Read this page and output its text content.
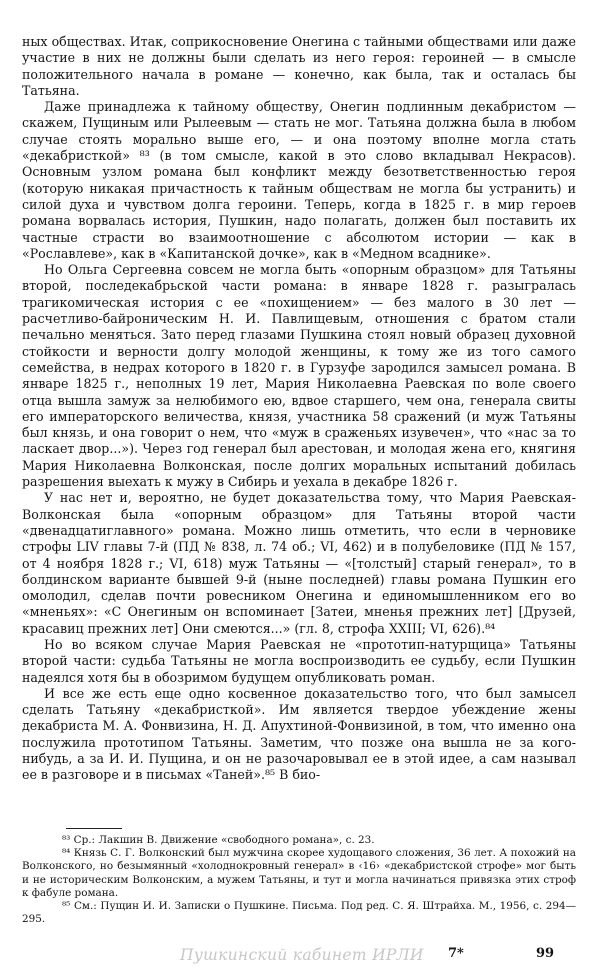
ных обществах. Итак, соприкосновение Онегина с тайными обществами или даже участие в них не должны были сделать из него героя: героиней — в смысле положительного начала в романе — конечно, как была, так и осталась бы Татьяна.

Даже принадлежа к тайному обществу, Онегин подлинным декабристом — скажем, Пущиным или Рылеевым — стать не мог. Татьяна должна была в любом случае стоять морально выше его, — и она поэтому вполне могла стать «декабристкой» ⁸³ (в том смысле, какой в это слово вкладывал Некрасов). Основным узлом романа был конфликт между безответственностью героя (которую никакая причастность к тайным обществам не могла бы устранить) и силой духа и чувством долга героини. Теперь, когда в 1825 г. в мир героев романа ворвалась история, Пушкин, надо полагать, должен был поставить их частные страсти во взаимоотношение с абсолютом истории — как в «Рославлеве», как в «Капитанской дочке», как в «Медном всаднике».

Но Ольга Сергеевна совсем не могла быть «опорным образцом» для Татьяны второй, последекабрьской части романа: в январе 1828 г. разыгралась трагикомическая история с ее «похищением» — без малого в 30 лет — расчетливо-байроническим Н. И. Павлищевым, отношения с братом стали печально меняться. Зато перед глазами Пушкина стоял новый образец духовной стойкости и верности долгу молодой женщины, к тому же из того самого семейства, в недрах которого в 1820 г. в Гурзуфе зародился замысел романа. В январе 1825 г., неполных 19 лет, Мария Николаевна Раевская по воле своего отца вышла замуж за нелюбимого ею, вдвое старшего, чем она, генерала свиты его императорского величества, князя, участника 58 сражений (и муж Татьяны был князь, и она говорит о нем, что «муж в сраженьях изувечен», что «нас за то ласкает двор...»). Через год генерал был арестован, и молодая жена его, княгиня Мария Николаевна Волконская, после долгих моральных испытаний добилась разрешения выехать к мужу в Сибирь и уехала в декабре 1826 г.

У нас нет и, вероятно, не будет доказательства тому, что Мария Раевская-Волконская была «опорным образцом» для Татьяны второй части «двенадцатиглавного» романа. Можно лишь отметить, что если в черновике строфы LIV главы 7-й (ПД № 838, л. 74 об.; VI, 462) и в полубеловике (ПД № 157, от 4 ноября 1828 г.; VI, 618) муж Татьяны — «[толстый] старый генерал», то в болдинском варианте бывшей 9-й (ныне последней) главы романа Пушкин его омолодил, сделав почти ровесником Онегина и единомышленником его во «мненьях»: «С Онегиным он вспоминает [Затеи, мненья прежних лет] [Друзей, красавиц прежних лет] Они смеются...» (гл. 8, строфа XXIII; VI, 626).⁸⁴

Но во всяком случае Мария Раевская не «прототип-натурщица» Татьяны второй части: судьба Татьяны не могла воспроизводить ее судьбу, если Пушкин надеялся хотя бы в обозримом будущем опубликовать роман.

И все же есть еще одно косвенное доказательство того, что был замысел сделать Татьяну «декабристкой». Им является твердое убеждение жены декабриста М. А. Фонвизина, Н. Д. Апухтиной-Фонвизиной, в том, что именно она послужила прототипом Татьяны. Заметим, что позже она вышла не за кого-нибудь, а за И. И. Пущина, и он не разочаровывал ее в этой идее, а сам называл ее в разговоре и в письмах «Таней».⁸⁵ В био-

⁸³ Ср.: Лакшин В. Движение «свободного романа», с. 23.

⁸⁴ Князь С. Г. Волконский был мужчина скорее худощавого сложения, 36 лет. А похожий на Волконского, но безымянный «холоднокровный генерал» в ‹16› «декабристской строфе» мог быть и не историческим Волконским, а мужем Татьяны, и тут и могла начинаться привязка этих строф к фабуле романа.

⁸⁵ См.: Пущин И. И. Записки о Пушкине. Письма. Под ред. С. Я. Штрайха. М., 1956, с. 294—295.

Пушкинский кабинет ИРЛИ 7*	99
